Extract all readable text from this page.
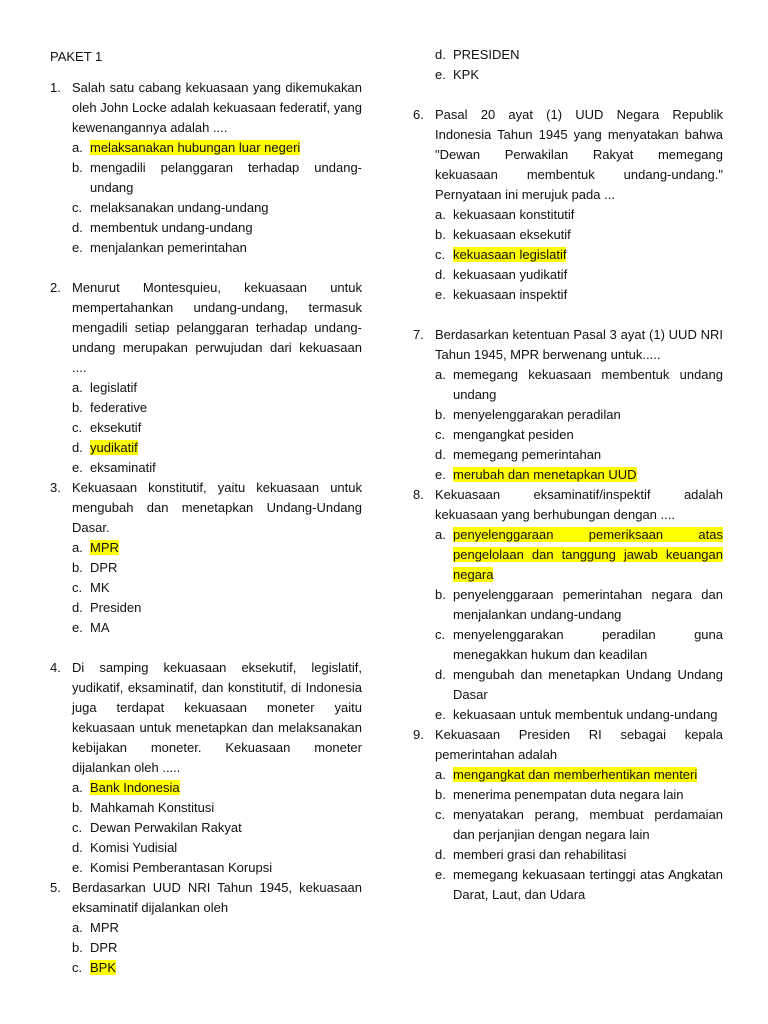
PAKET 1
1. Salah satu cabang kekuasaan yang dikemukakan oleh John Locke adalah kekuasaan federatif, yang kewenangannya adalah ....
a. melaksanakan hubungan luar negeri
b. mengadili pelanggaran terhadap undang-undang
c. melaksanakan undang-undang
d. membentuk undang-undang
e. menjalankan pemerintahan
2. Menurut Montesquieu, kekuasaan untuk mempertahankan undang-undang, termasuk mengadili setiap pelanggaran terhadap undang-undang merupakan perwujudan dari kekuasaan ....
a. legislatif
b. federative
c. eksekutif
d. yudikatif
e. eksaminatif
3. Kekuasaan konstitutif, yaitu kekuasaan untuk mengubah dan menetapkan Undang-Undang Dasar.
a. MPR
b. DPR
c. MK
d. Presiden
e. MA
4. Di samping kekuasaan eksekutif, legislatif, yudikatif, eksaminatif, dan konstitutif, di Indonesia juga terdapat kekuasaan moneter yaitu kekuasaan untuk menetapkan dan melaksanakan kebijakan moneter. Kekuasaan moneter dijalankan oleh .....
a. Bank Indonesia
b. Mahkamah Konstitusi
c. Dewan Perwakilan Rakyat
d. Komisi Yudisial
e. Komisi Pemberantasan Korupsi
5. Berdasarkan UUD NRI Tahun 1945, kekuasaan eksaminatif dijalankan oleh
a. MPR
b. DPR
c. BPK
d. PRESIDEN
e. KPK
6. Pasal 20 ayat (1) UUD Negara Republik Indonesia Tahun 1945 yang menyatakan bahwa "Dewan Perwakilan Rakyat memegang kekuasaan membentuk undang-undang." Pernyataan ini merujuk pada ...
a. kekuasaan konstitutif
b. kekuasaan eksekutif
c. kekuasaan legislatif
d. kekuasaan yudikatif
e. kekuasaan inspektif
7. Berdasarkan ketentuan Pasal 3 ayat (1) UUD NRI Tahun 1945, MPR berwenang untuk.....
a. memegang kekuasaan membentuk undang undang
b. menyelenggarakan peradilan
c. mengangkat pesiden
d. memegang pemerintahan
e. merubah dan menetapkan UUD
8. Kekuasaan eksaminatif/inspektif adalah kekuasaan yang berhubungan dengan ....
a. penyelenggaraan pemeriksaan atas pengelolaan dan tanggung jawab keuangan negara
b. penyelenggaraan pemerintahan negara dan menjalankan undang-undang
c. menyelenggarakan peradilan guna menegakkan hukum dan keadilan
d. mengubah dan menetapkan Undang Undang Dasar
e. kekuasaan untuk membentuk undang-undang
9. Kekuasaan Presiden RI sebagai kepala pemerintahan adalah
a. mengangkat dan memberhentikan menteri
b. menerima penempatan duta negara lain
c. menyatakan perang, membuat perdamaian dan perjanjian dengan negara lain
d. memberi grasi dan rehabilitasi
e. memegang kekuasaan tertinggi atas Angkatan Darat, Laut, dan Udara
